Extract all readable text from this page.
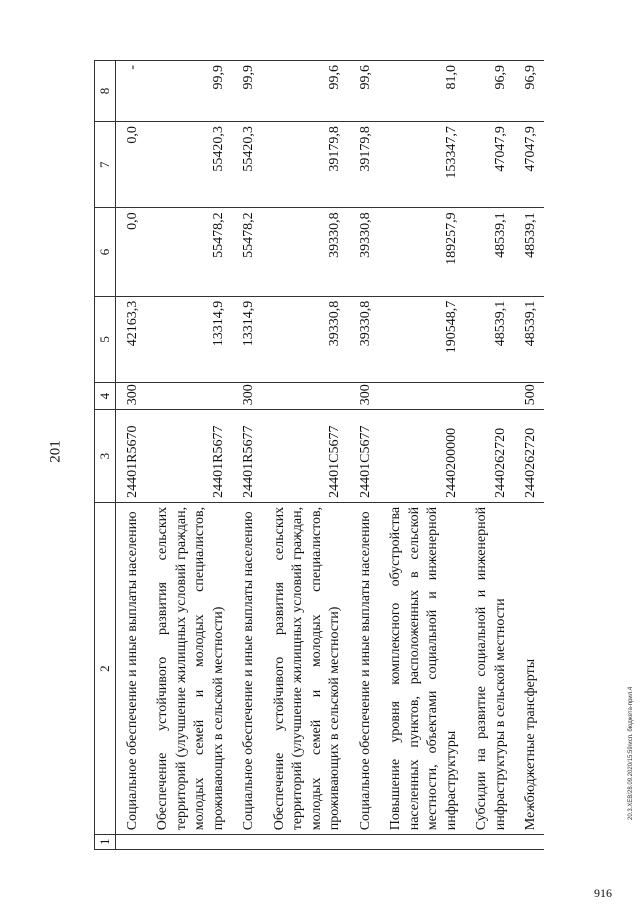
201
1	2	3	4	5	6	7	8
	Социальное обеспечение и иные выплаты населению	24401R5670	300	42163,3	0,0	0,0	-
	Обеспечение устойчивого развития сельских территорий (улучшение жилищных условий граждан, молодых семей и молодых специалистов, проживающих в сельской местности)	24401R5677		13314,9	55478,2	55420,3	99,9
	Социальное обеспечение и иные выплаты населению	24401R5677	300	13314,9	55478,2	55420,3	99,9
	Обеспечение устойчивого развития сельских территорий (улучшение жилищных условий граждан, молодых семей и молодых специалистов, проживающих в сельской местности)	24401C5677		39330,8	39330,8	39179,8	99,6
	Социальное обеспечение и иные выплаты населению	24401C5677	300	39330,8	39330,8	39179,8	99,6
	Повышение уровня комплексного обустройства населенных пунктов, расположенных в сельской местности, объектами социальной и инженерной инфраструктуры	2440200000		190548,7	189257,9	153347,7	81,0
	Субсидии на развитие социальной и инженерной инфраструктуры в сельской местности	2440262720		48539,1	48539,1	47047,9	96,9
	Межбюджетные трансферты	2440262720	500	48539,1	48539,1	47047,9	96,9
20.3.ХЕВ/28.09.2020/15:59/исп. бюджета-прил.4
916
